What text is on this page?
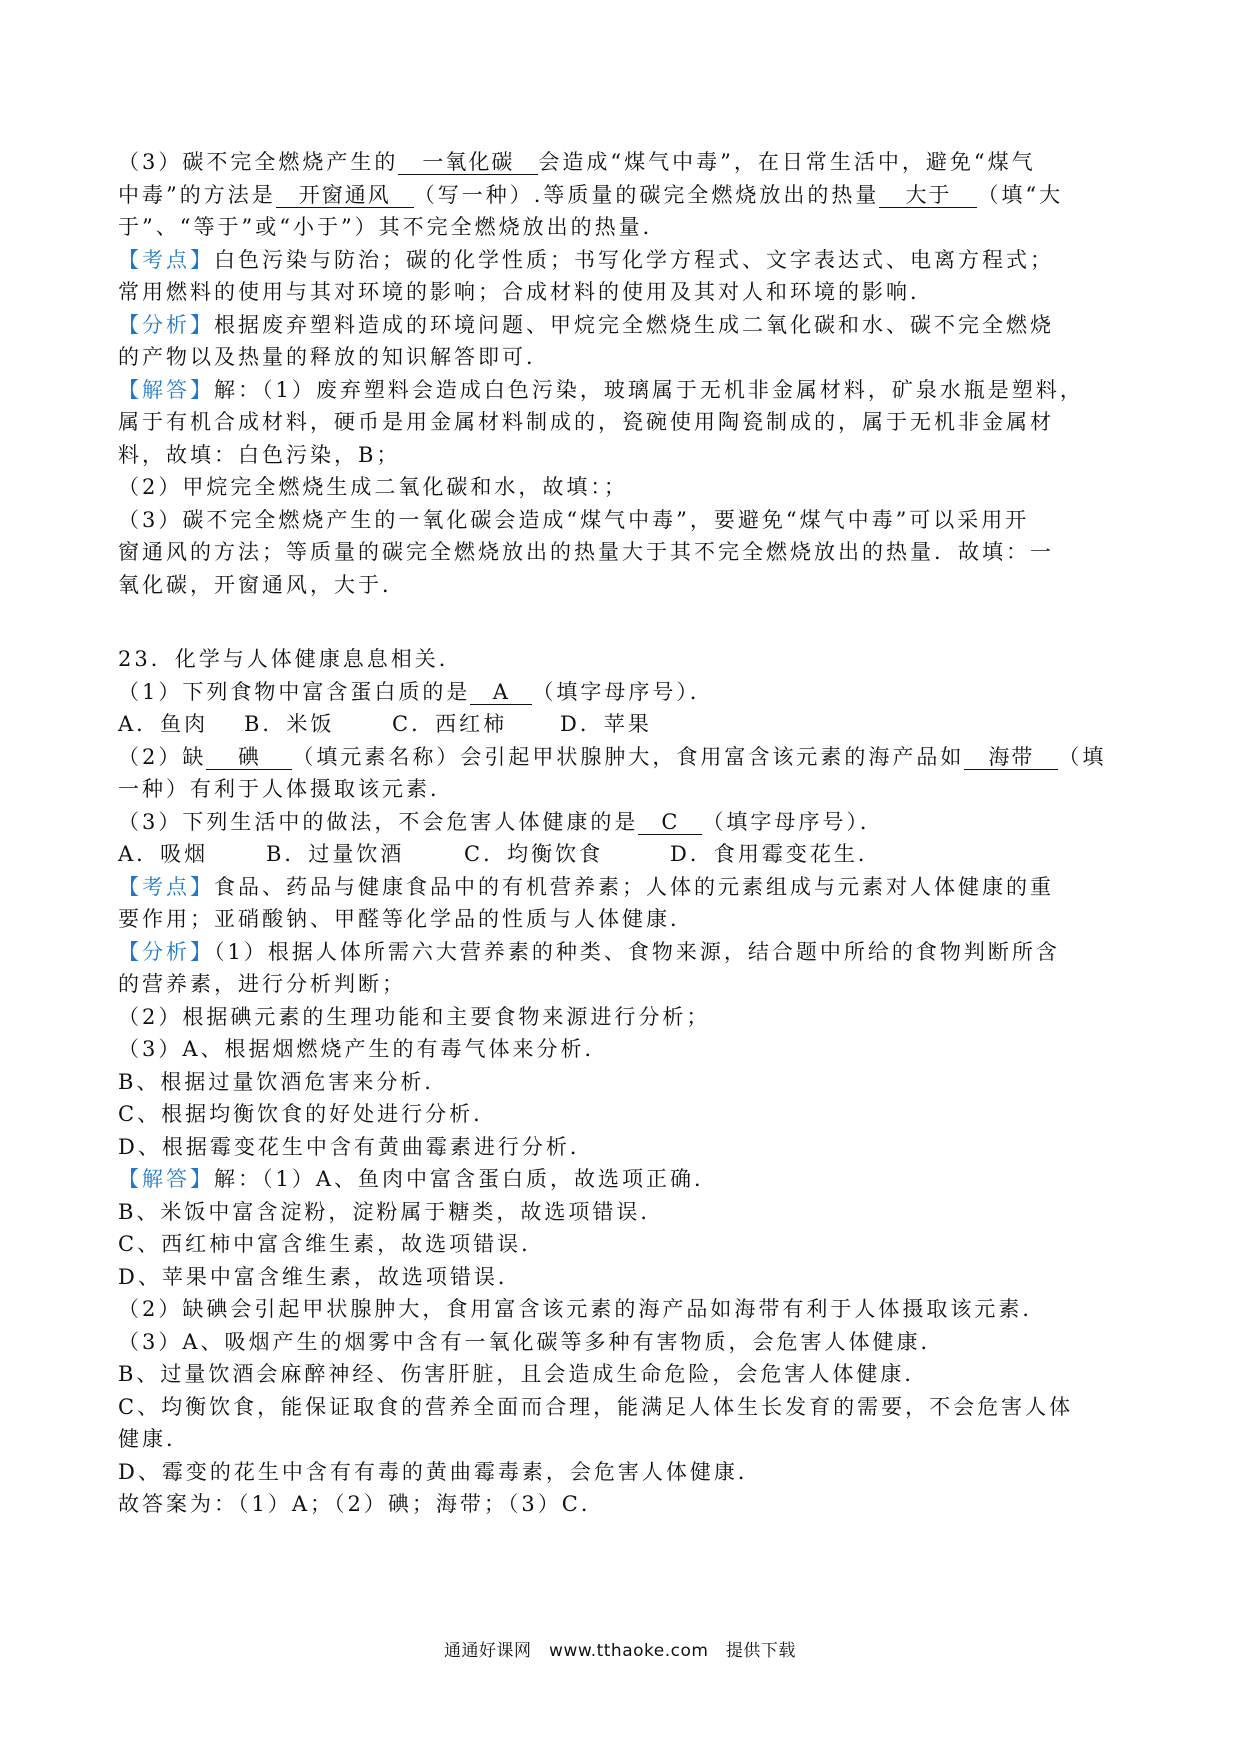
（3）碳不完全燃烧产生的 一氧化碳 会造成“煤气中毒”，在日常生活中，避免“煤气

中毒”的方法是 开窗通风 （写一种）.等质量的碳完全燃烧放出的热量 大于 （填“大

于”、“等于”或“小于”）其不完全燃烧放出的热量．

【考点】白色污染与防治；碳的化学性质；书写化学方程式、文字表达式、电离方程式；

常用燃料的使用与其对环境的影响；合成材料的使用及其对人和环境的影响．

【分析】根据废弃塑料造成的环境问题、甲烷完全燃烧生成二氧化碳和水、碳不完全燃烧

的产物以及热量的释放的知识解答即可．

【解答】解：（1）废弃塑料会造成白色污染，玻璃属于无机非金属材料，矿泉水瓶是塑料，

属于有机合成材料，硬币是用金属材料制成的，瓷碗使用陶瓷制成的，属于无机非金属材

料，故填：白色污染，B；

（2）甲烷完全燃烧生成二氧化碳和水，故填：；

（3）碳不完全燃烧产生的一氧化碳会造成“煤气中毒”，要避免“煤气中毒”可以采用开

窗通风的方法；等质量的碳完全燃烧放出的热量大于其不完全燃烧放出的热量．故填：一

氧化碳，开窗通风，大于．

23．化学与人体健康息息相关．

（1）下列食物中富含蛋白质的是 A （填字母序号）．

A．鱼肉 B．米饭	C．西红柿	D．苹果

（2）缺 碘 （填元素名称）会引起甲状腺肿大，食用富含该元素的海产品如 海带 （填

一种）有利于人体摄取该元素．

（3）下列生活中的做法，不会危害人体健康的是 C （填字母序号）．

A．吸烟	B．过量饮酒	C．均衡饮食	D．食用霉变花生．

【考点】食品、药品与健康食品中的有机营养素；人体的元素组成与元素对人体健康的重

要作用；亚硝酸钠、甲醛等化学品的性质与人体健康．

【分析】（1）根据人体所需六大营养素的种类、食物来源，结合题中所给的食物判断所含

的营养素，进行分析判断；

（2）根据碘元素的生理功能和主要食物来源进行分析；

（3）A、根据烟燃烧产生的有毒气体来分析．

B、根据过量饮酒危害来分析．

C、根据均衡饮食的好处进行分析．

D、根据霉变花生中含有黄曲霉素进行分析．

【解答】解：（1）A、鱼肉中富含蛋白质，故选项正确．

B、米饭中富含淀粉，淀粉属于糖类，故选项错误．

C、西红柿中富含维生素，故选项错误．

D、苹果中富含维生素，故选项错误．

（2）缺碘会引起甲状腺肿大，食用富含该元素的海产品如海带有利于人体摄取该元素．

（3）A、吸烟产生的烟雾中含有一氧化碳等多种有害物质，会危害人体健康．

B、过量饮酒会麻醉神经、伤害肝脏，且会造成生命危险，会危害人体健康．

C、均衡饮食，能保证取食的营养全面而合理，能满足人体生长发育的需要，不会危害人体

健康．

D、霉变的花生中含有有毒的黄曲霉毒素，会危害人体健康．

故答案为：（1）A；（2）碘；海带；（3）C．

通通好课网　www.tthaoke.com　提供下载
